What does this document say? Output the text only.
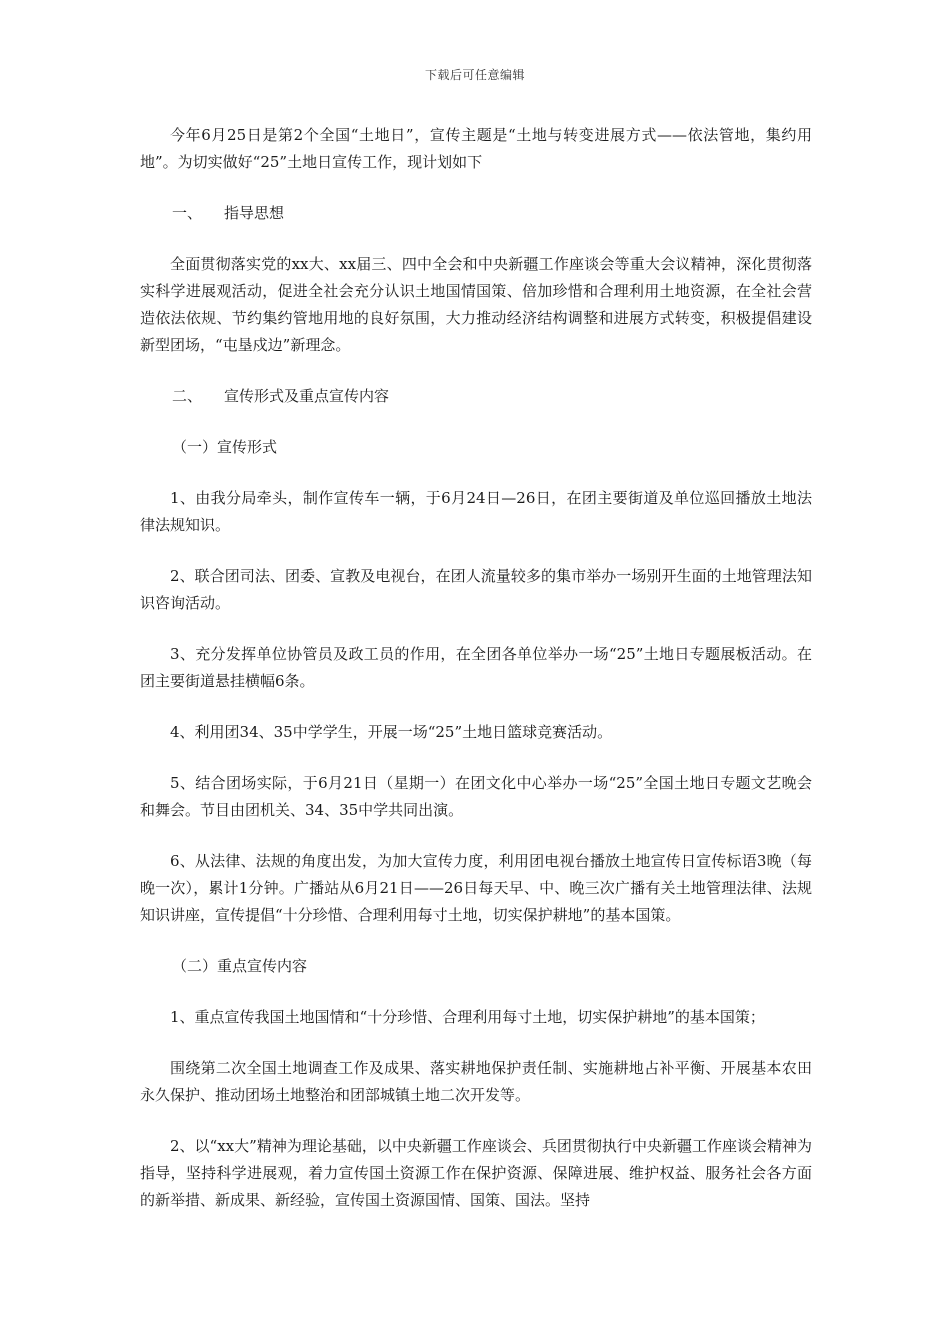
下载后可任意编辑

今年6月25日是第2个全国“土地日”，宣传主题是“土地与转变进展方式——依法管地，集约用地”。为切实做好“25”土地日宣传工作，现计划如下

一、 指导思想

全面贯彻落实党的xx大、xx届三、四中全会和中央新疆工作座谈会等重大会议精神，深化贯彻落实科学进展观活动，促进全社会充分认识土地国情国策、倍加珍惜和合理利用土地资源，在全社会营造依法依规、节约集约管地用地的良好氛围，大力推动经济结构调整和进展方式转变，积极提倡建设新型团场，“屯垦戍边”新理念。

二、 宣传形式及重点宣传内容
（一）宣传形式

1、由我分局牵头，制作宣传车一辆，于6月24日—26日，在团主要街道及单位巡回播放土地法律法规知识。

2、联合团司法、团委、宣教及电视台，在团人流量较多的集市举办一场别开生面的土地管理法知识咨询活动。

3、充分发挥单位协管员及政工员的作用，在全团各单位举办一场“25”土地日专题展板活动。在团主要街道悬挂横幅6条。

4、利用团34、35中学学生，开展一场“25”土地日篮球竞赛活动。

5、结合团场实际，于6月21日（星期一）在团文化中心举办一场“25”全国土地日专题文艺晚会和舞会。节目由团机关、34、35中学共同出演。

6、从法律、法规的角度出发，为加大宣传力度，利用团电视台播放土地宣传日宣传标语3晚（每晚一次），累计1分钟。广播站从6月21日——26日每天早、中、晚三次广播有关土地管理法律、法规知识讲座，宣传提倡“十分珍惜、合理利用每寸土地，切实保护耕地”的基本国策。

（二）重点宣传内容

1、重点宣传我国土地国情和“十分珍惜、合理利用每寸土地，切实保护耕地”的基本国策；

围绕第二次全国土地调查工作及成果、落实耕地保护责任制、实施耕地占补平衡、开展基本农田永久保护、推动团场土地整治和团部城镇土地二次开发等。

2、以“xx大”精神为理论基础，以中央新疆工作座谈会、兵团贯彻执行中央新疆工作座谈会精神为指导，坚持科学进展观，着力宣传国土资源工作在保护资源、保障进展、维护权益、服务社会各方面的新举措、新成果、新经验，宣传国土资源国情、国策、国法。坚持
